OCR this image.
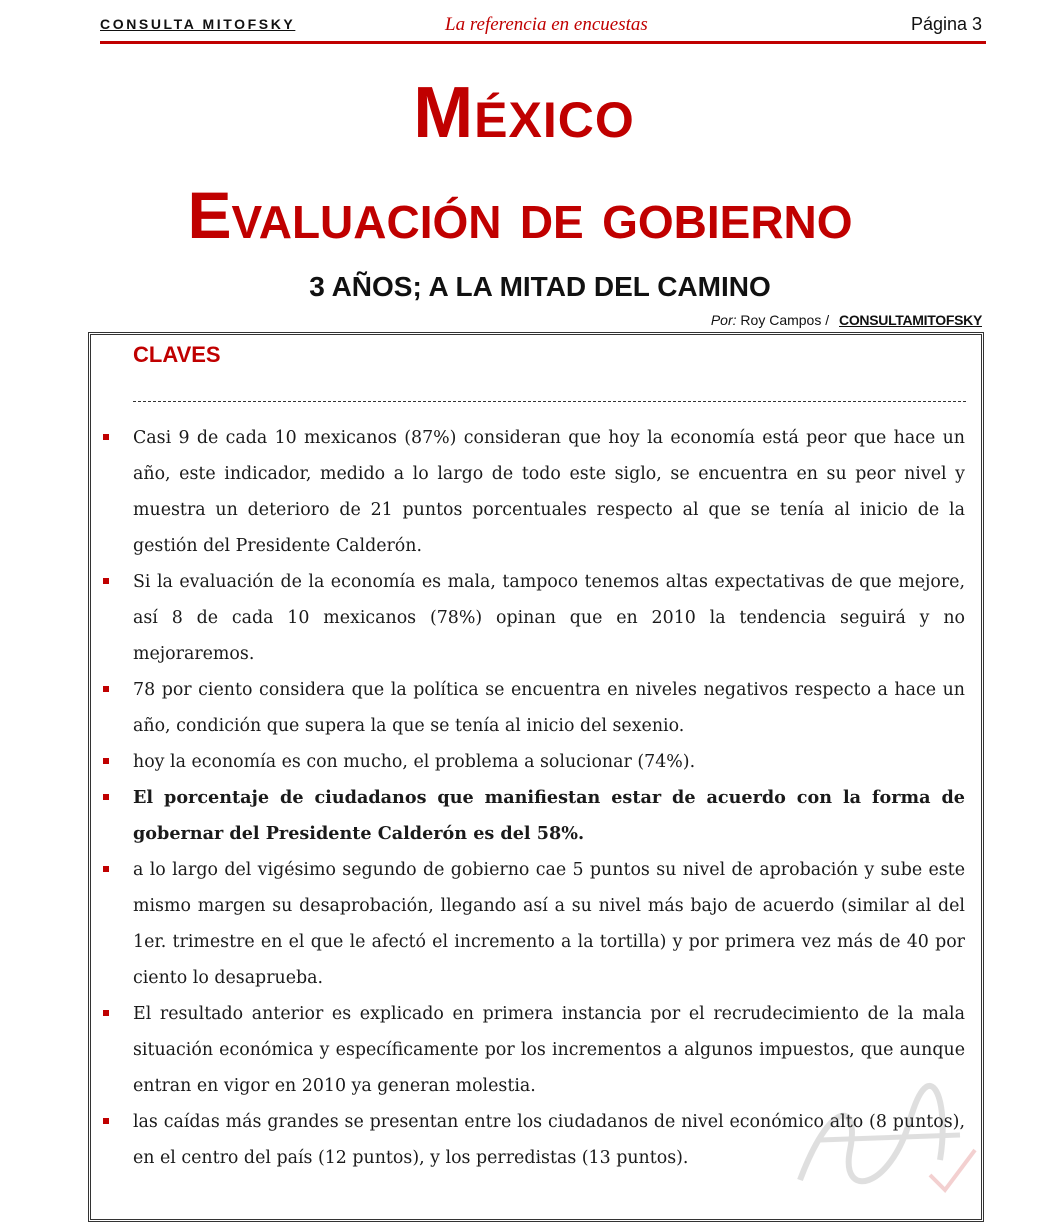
CONSULTA MITOFSKY	La referencia en encuestas	Página 3
México
Evaluación de gobierno
3 AÑOS; A LA MITAD DEL CAMINO
Por: Roy Campos / CONSULTAMITOFSKY
CLAVES
Casi 9 de cada 10 mexicanos (87%) consideran que hoy la economía está peor que hace un año, este indicador, medido a lo largo de todo este siglo, se encuentra en su peor nivel y muestra un deterioro de 21 puntos porcentuales respecto al que se tenía al inicio de la gestión del Presidente Calderón.
Si la evaluación de la economía es mala, tampoco tenemos altas expectativas de que mejore, así 8 de cada 10 mexicanos (78%) opinan que en 2010 la tendencia seguirá y no mejoraremos.
78 por ciento considera que la política se encuentra en niveles negativos respecto a hace un año, condición que supera la que se tenía al inicio del sexenio.
hoy la economía es con mucho, el problema a solucionar (74%).
El porcentaje de ciudadanos que manifiestan estar de acuerdo con la forma de gobernar del Presidente Calderón es del 58%.
a lo largo del vigésimo segundo de gobierno cae 5 puntos su nivel de aprobación y sube este mismo margen su desaprobación, llegando así a su nivel más bajo de acuerdo (similar al del 1er. trimestre en el que le afectó el incremento a la tortilla) y por primera vez más de 40 por ciento lo desaprueba.
El resultado anterior es explicado en primera instancia por el recrudecimiento de la mala situación económica y específicamente por los incrementos a algunos impuestos, que aunque entran en vigor en 2010 ya generan molestia.
las caídas más grandes se presentan entre los ciudadanos de nivel económico alto (8 puntos), en el centro del país (12 puntos), y los perredistas (13 puntos).
